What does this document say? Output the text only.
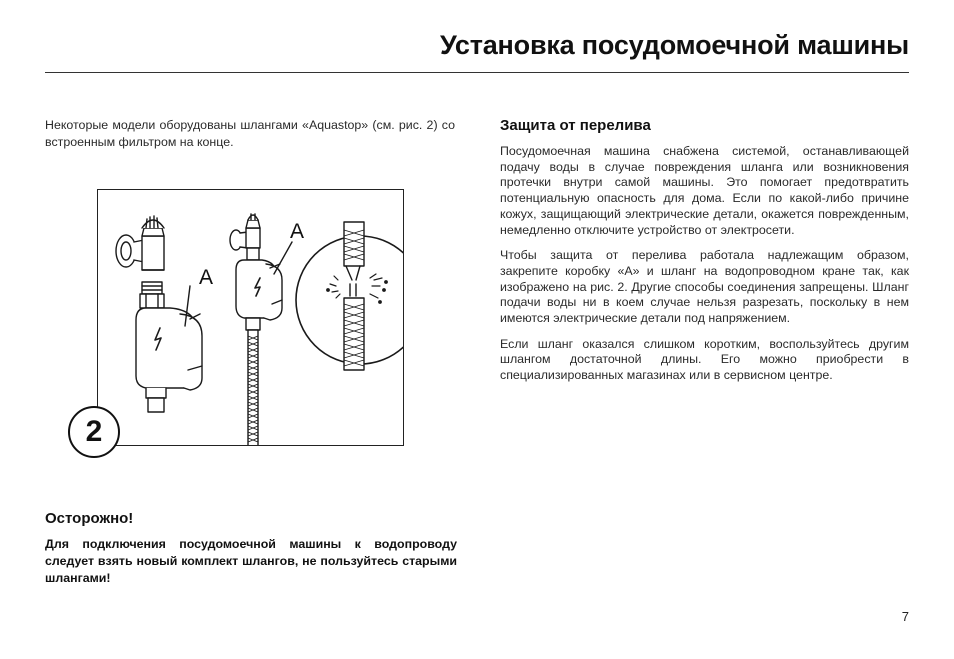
Установка посудомоечной машины

Некоторые модели оборудованы шлангами «Aquastop» (см. рис. 2) со встроенным фильтром на конце.

A
A
2
Осторожно!

Для подключения посудомоечной машины к водопроводу следует взять новый комплект шлангов, не пользуйтесь старыми шлангами!

Защита от перелива

Посудомоечная машина снабжена системой, останавливающей подачу воды в случае повреждения шланга или возникновения протечки внутри самой машины. Это помогает предотвратить потенциальную опасность для дома. Если по какой-либо причине кожух, защищающий электрические детали, окажется поврежденным, немедленно отключите устройство от электросети.

Чтобы защита от перелива работала надлежащим образом, закрепите коробку «A» и шланг на водопроводном кране так, как изображено на рис. 2. Другие способы соединения запрещены. Шланг подачи воды ни в коем случае нельзя разрезать, поскольку в нем имеются электрические детали под напряжением.

Если шланг оказался слишком коротким, воспользуйтесь другим шлангом достаточной длины. Его можно приобрести в специализированных магазинах или в сервисном центре.

7
